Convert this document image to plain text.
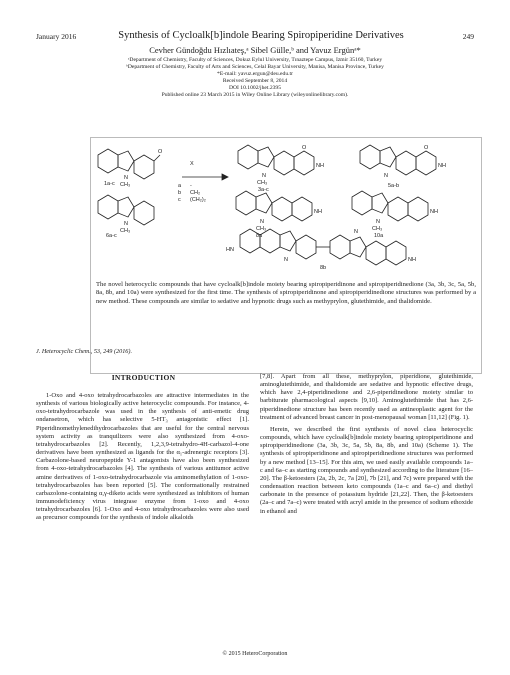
January 2016	Synthesis of Cycloalk[b]indole Bearing Spiropiperidine Derivatives	249
Cevher Gündoğdu Hızlıateş,ᵃ Sibel Gülle,ᵇ and Yavuz Ergünᵃ*
ᵃDepartment of Chemistry, Faculty of Sciences, Dokuz Eylul University, Tınaztepe Campus, Izmir 35160, Turkey
ᵇDepartment of Chemistry, Faculty of Arts and Sciences, Celal Bayar University, Manisa, Manisa Province, Turkey
*E-mail: yavuz.ergun@deu.edu.tr
Received September 8, 2014
DOI 10.1002/jhet.2395
Published online 23 March 2015 in Wiley Online Library (wileyonlinelibrary.com).
N
CH₃
O
1a-c
N
CH₃
6a-c
X
a -
b CH₂
c (CH₂)₂
N
CH₃
NH
O
3a-c
N
NH
O
5a-b
N
CH₃
NH
8a
N
CH₃
NH
10a
HN
NH
N
N
8b
The novel heterocyclic compounds that have cycloalk[b]indole moiety bearing spiropiperidinone and spiropiperidinedione (3a, 3b, 3c, 5a, 5b, 8a, 8b, and 10a) were synthesized for the first time. The synthesis of spiropiperidinone and spiropiperidinedione structures was performed by a new method. These compounds are similar to sedative and hypnotic drugs such as methyprylon, glutethimide, and thalidomide.
J. Heterocyclic Chem., 53, 249 (2016).
INTRODUCTION

1-Oxo and 4-oxo tetrahydrocarbazoles are attractive intermediates in the synthesis of various biologically active heterocyclic compounds. For instance, 4-oxo-tetrahydrocarbazole was used in the synthesis of anti-emetic drug ondansetron, which has selective 5-HT₃ antagonistic effect [1]. Piperidinomethylenedihydrocarbazoles that are useful for the central nervous system activity as tranquilizers were also synthesized from 4-oxo-tetrahydrocarbazoles [2]. Recently, 1,2,3,9-tetrahydro-4H-carbazol-4-one derivatives have been synthesized as ligands for the α₁-adrenergic receptors [3]. Carbazolone-based neuropeptide Y-1 antagonists have also been synthesized from 4-oxo-tetrahydrocarbazoles [4]. The synthesis of various antitumor active amine derivatives of 1-oxo-tetrahydrocarbazole via aminomethylation of 1-oxo-tetrahydrocarbazoles has been reported [5]. The conformationally restrained carbazolone-containing α,γ-diketo acids were synthesized as inhibitors of human immunodeficiency virus integrase enzyme from 1-oxo and 4-oxo tetrahydrocarbazoles [6]. 1-Oxo and 4-oxo tetrahydrocarbazoles were also used as precursor compounds for the synthesis of indole alkaloids

[7,8]. Apart from all these, methyprylon, piperidione, glutethimide, aminoglutethimide, and thalidomide are sedative and hypnotic effective drugs, which have 2,4-piperidinedione and 2,6-piperidinedione moiety similar to barbiturate pharmacological aspects [9,10]. Aminoglutethimide that has 2,6-piperidinedione structure has been recently used as antineoplastic agent for the treatment of advanced breast cancer in post-menopausal woman [11,12] (Fig. 1).

Herein, we described the first synthesis of novel class heterocyclic compounds, which have cycloalk[b]indole moiety bearing spiropiperidinone and spiropiperidinedione (3a, 3b, 3c, 5a, 5b, 8a, 8b, and 10a) (Scheme 1). The synthesis of spiropiperidinone and spiropiperidinedione structures was performed by a new method [13–15]. For this aim, we used easily available compounds 1a–c and 6a–c as starting compounds and synthesized according to the literature [16–20]. The β-ketoesters (2a, 2b, 2c, 7a [20], 7b [21], and 7c) were prepared with the condensation reaction between keto compounds (1a–c and 6a–c) and diethyl carbonate in the presence of potassium hydride [21,22]. Then, the β-ketoesters (2a–c and 7a–c) were treated with acryl amide in the presence of sodium ethoxide in ethanol and

© 2015 HeteroCorporation
